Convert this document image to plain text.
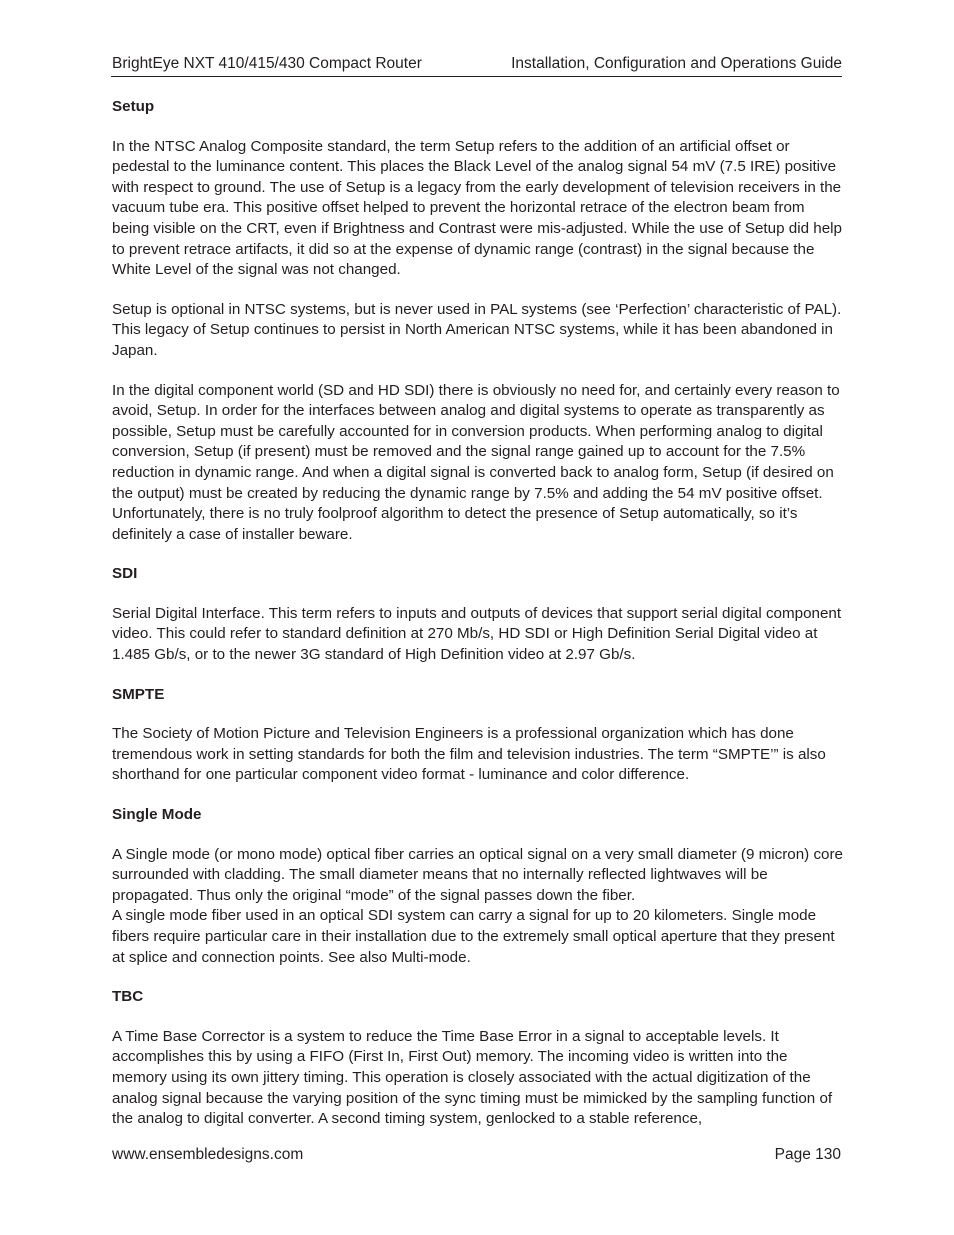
BrightEye NXT 410/415/430 Compact Router	Installation, Configuration and Operations Guide
Setup

In the NTSC Analog Composite standard, the term Setup refers to the addition of an artificial offset or pedestal to the luminance content. This places the Black Level of the analog signal 54 mV (7.5 IRE) positive with respect to ground. The use of Setup is a legacy from the early development of television receivers in the vacuum tube era. This positive offset helped to prevent the horizontal retrace of the electron beam from being visible on the CRT, even if Brightness and Contrast were mis-adjusted. While the use of Setup did help to prevent retrace artifacts, it did so at the expense of dynamic range (contrast) in the signal because the White Level of the signal was not changed.

Setup is optional in NTSC systems, but is never used in PAL systems (see ‘Perfection’ characteristic of PAL). This legacy of Setup continues to persist in North American NTSC systems, while it has been abandoned in Japan.

In the digital component world (SD and HD SDI) there is obviously no need for, and certainly every reason to avoid, Setup. In order for the interfaces between analog and digital systems to operate as transparently as possible, Setup must be carefully accounted for in conversion products. When performing analog to digital conversion, Setup (if present) must be removed and the signal range gained up to account for the 7.5% reduction in dynamic range. And when a digital signal is converted back to analog form, Setup (if desired on the output) must be created by reducing the dynamic range by 7.5% and adding the 54 mV positive offset. Unfortunately, there is no truly foolproof algorithm to detect the presence of Setup automatically, so it’s definitely a case of installer beware.

SDI

Serial Digital Interface. This term refers to inputs and outputs of devices that support serial digital component video. This could refer to standard definition at 270 Mb/s, HD SDI or High Definition Serial Digital video at 1.485 Gb/s, or to the newer 3G standard of High Definition video at 2.97 Gb/s.

SMPTE

The Society of Motion Picture and Television Engineers is a professional organization which has done tremendous work in setting standards for both the film and television industries. The term “SMPTE’” is also shorthand for one particular component video format - luminance and color difference.

Single Mode

A Single mode (or mono mode) optical fiber carries an optical signal on a very small diameter (9 micron) core surrounded with cladding. The small diameter means that no internally reflected lightwaves will be propagated. Thus only the original “mode” of the signal passes down the fiber.

A single mode fiber used in an optical SDI system can carry a signal for up to 20 kilometers. Single mode fibers require particular care in their installation due to the extremely small optical aperture that they present at splice and connection points. See also Multi-mode.

TBC

A Time Base Corrector is a system to reduce the Time Base Error in a signal to acceptable levels. It accomplishes this by using a FIFO (First In, First Out) memory. The incoming video is written into the memory using its own jittery timing. This operation is closely associated with the actual digitization of the analog signal because the varying position of the sync timing must be mimicked by the sampling function of the analog to digital converter. A second timing system, genlocked to a stable reference,

www.ensembledesigns.com	Page 130
